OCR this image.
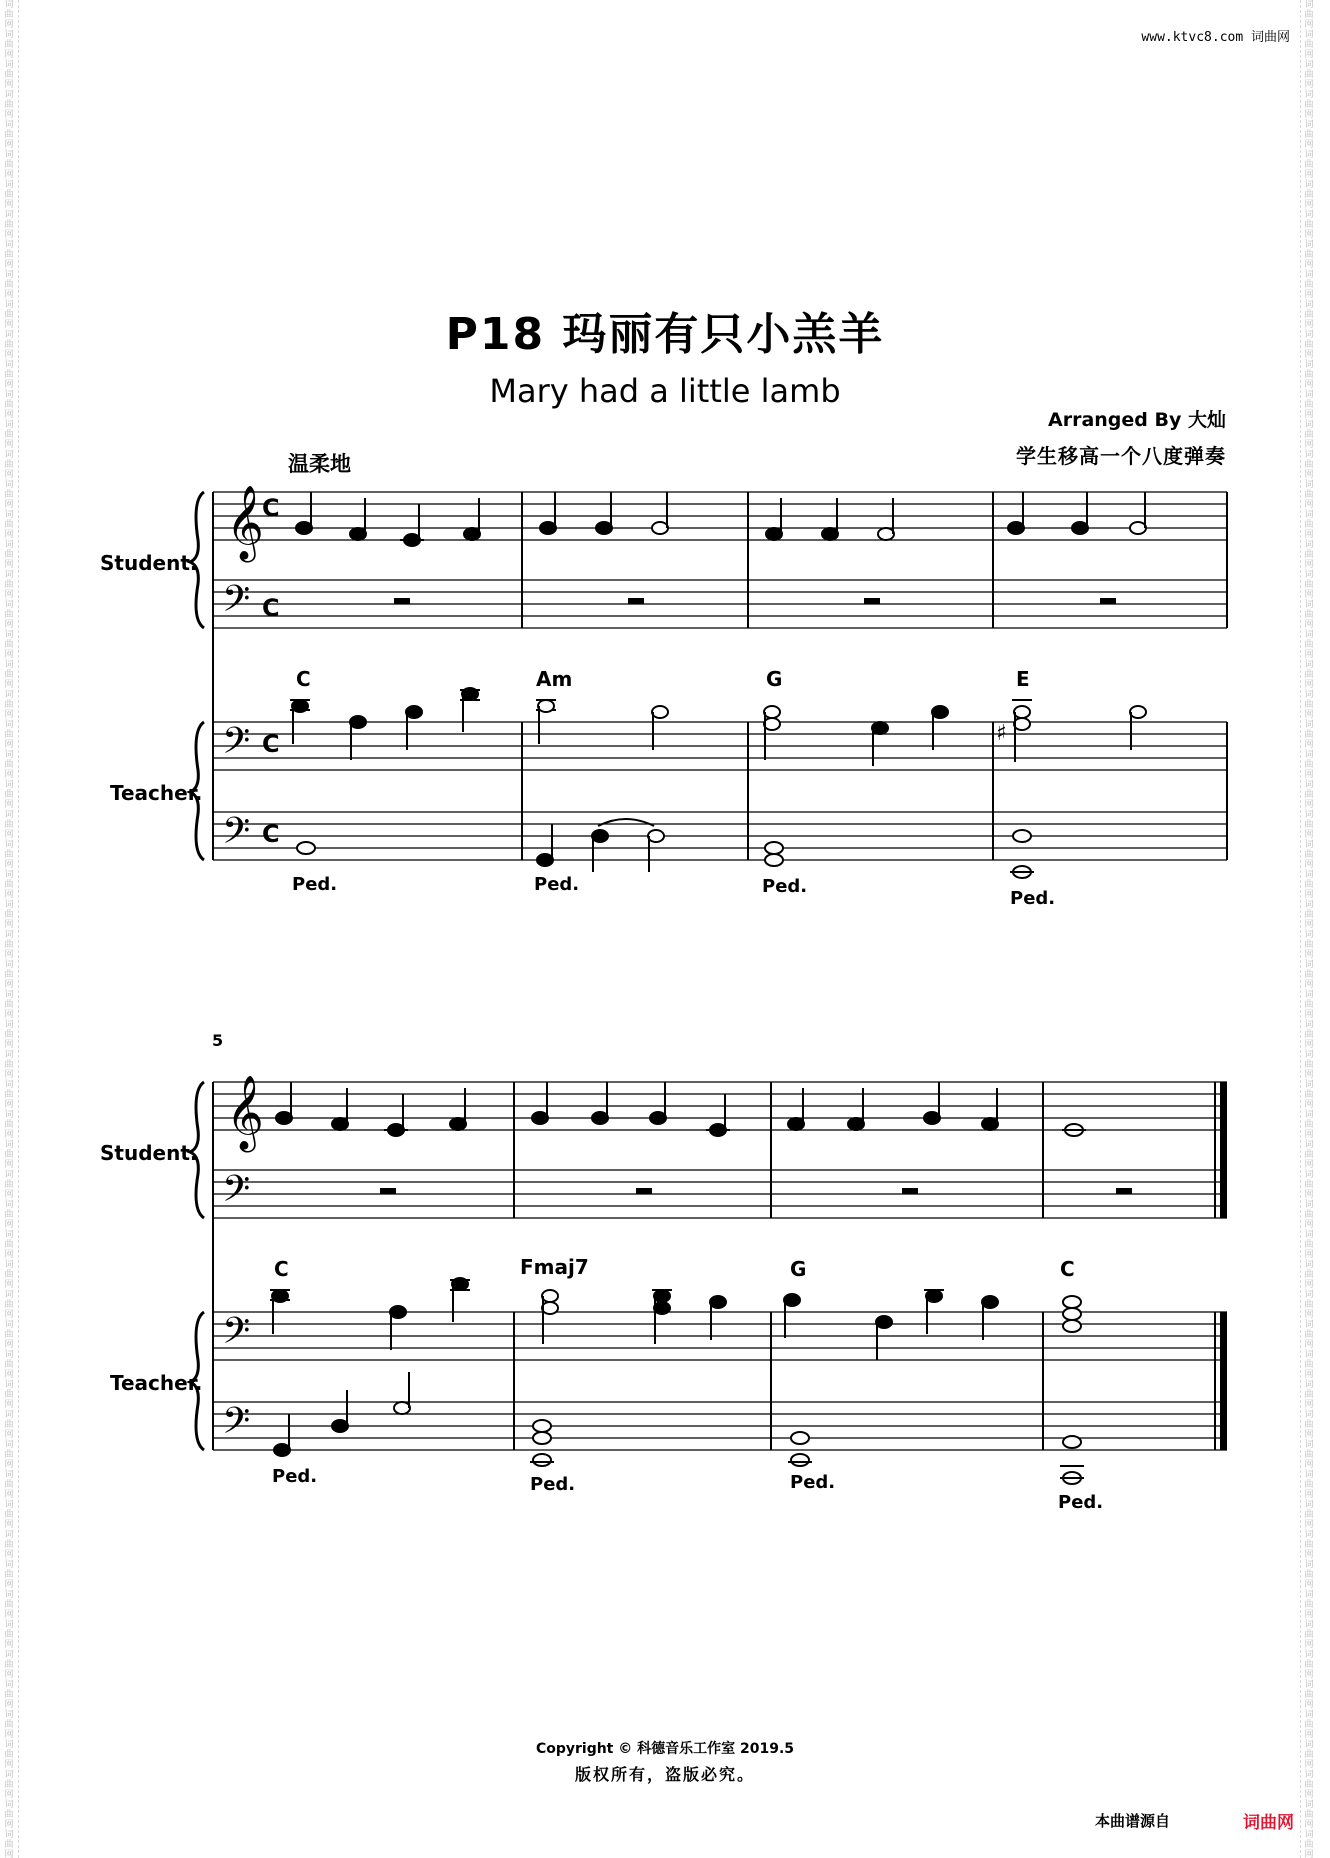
词
曲
网
词
曲
网
词
曲
网
词
曲
网
词
曲
网
词
曲
网
词
曲
网
词
曲
网
词
曲
网
词
曲
网
词
曲
网
词
曲
网
词
曲
网
词
曲
网
词
曲
网
词
曲
网
词
曲
网
词
曲
网
词
曲
网
词
曲
网
词
曲
网
词
曲
网
词
曲
网
词
曲
网
词
曲
网
词
曲
网
词
曲
网
词
曲
网
词
曲
网
词
曲
网
词
曲
网
词
曲
网
词
曲
网
词
曲
网
词
曲
网
词
曲
网
词
曲
网
词
曲
网
词
曲
网
词
曲
网
词
曲
网
词
曲
网
词
曲
网
词
曲
网
词
曲
网
词
曲
网
词
曲
网
词
曲
网
词
曲
网
词
曲
网
词
曲
网
词
曲
网
词
曲
网
词
曲
网
词
曲
网
词
曲
网
词
曲
网
词
曲
网
词
曲
网
词
曲
网
词
曲
网
词
曲
网
词
曲
网
词
曲
网
词
曲
网
词
曲
网
词
曲
网
词
曲
网
词
曲
网
词
曲
网
词
曲
网
词
曲
网
词
曲
网
词
曲
网
词
曲
网
词
曲
网
词
曲
网
词
曲
网
词
曲
网
词
曲
网
词
曲
网
词
曲
网
词
曲
网
词
曲
网
词
曲
网
词
曲
网
词
曲
网
词
曲
网
词
曲
网
词
曲
网
词
曲
网
词
曲
网
词
曲
网
词
曲
网
词
曲
网
词
曲
网
词
曲
网
词
曲
网
词
曲
网
词
曲
网
词
曲
网
词
曲
网
词
曲
网
词
曲
网
词
曲
网
词
曲
网
词
曲
网
词
曲
网
词
曲
网
词
曲
网
词
曲
网
词
曲
网
词
曲
网
词
曲
网
词
曲
网
词
曲
网
词
曲
网
词
曲
网
词
曲
网
词
曲
网
词
曲
网
词
曲
网
词
曲
网
词
曲
网
www.ktvc8.com 词曲网
P18 玛丽有只小羔羊
Mary had a little lamb
Arranged By 大灿
学生移高一个八度弹奏
温柔地
𝄞
𝄢
𝄢
𝄢
C
C
C
C
Student.
Teacher.
C	Am	G	E
♯
Ped.	Ped.	Ped.
Ped.
5
𝄞
𝄢
𝄢
𝄢
Student.
Teacher.
C	Fmaj7	G	C
Ped.	Ped.	Ped.
Ped.
Copyright © 科德音乐工作室 2019.5
版权所有，盗版必究。
本曲谱源自	词曲网
